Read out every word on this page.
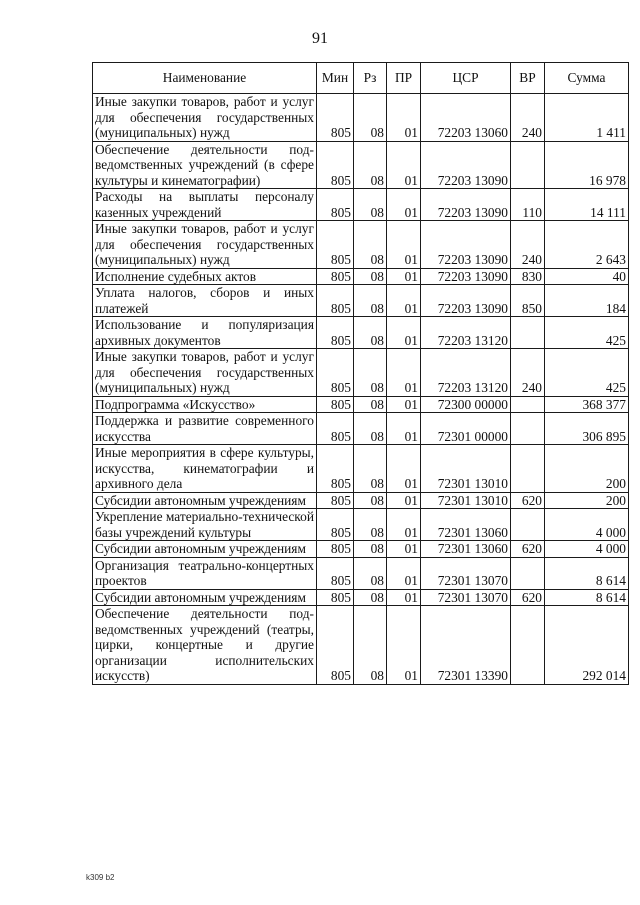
91
Наименование	Мин	Рз	ПР	ЦСР	ВР	Сумма
Иные закупки товаров, работ и услуг для обеспечения государственных (муниципальных) нужд	805	08	01	72203 13060	240	1 411
Обеспечение деятельности подведомственных учреждений (в сфере культуры и кинематографии)	805	08	01	72203 13090		16 978
Расходы на выплаты персоналу казенных учреждений	805	08	01	72203 13090	110	14 111
Иные закупки товаров, работ и услуг для обеспечения государственных (муниципальных) нужд	805	08	01	72203 13090	240	2 643
Исполнение судебных актов	805	08	01	72203 13090	830	40
Уплата налогов, сборов и иных платежей	805	08	01	72203 13090	850	184
Использование и популяризация архивных документов	805	08	01	72203 13120		425
Иные закупки товаров, работ и услуг для обеспечения государственных (муниципальных) нужд	805	08	01	72203 13120	240	425
Подпрограмма «Искусство»	805	08	01	72300 00000		368 377
Поддержка и развитие современного искусства	805	08	01	72301 00000		306 895
Иные мероприятия в сфере культуры, искусства, кинематографии и архивного дела	805	08	01	72301 13010		200
Субсидии автономным учреждениям	805	08	01	72301 13010	620	200
Укрепление материально-технической базы учреждений культуры	805	08	01	72301 13060		4 000
Субсидии автономным учреждениям	805	08	01	72301 13060	620	4 000
Организация театрально-концертных проектов	805	08	01	72301 13070		8 614
Субсидии автономным учреждениям	805	08	01	72301 13070	620	8 614
Обеспечение деятельности подведомственных учреждений (театры, цирки, концертные и другие организации исполнительских искусств)	805	08	01	72301 13390		292 014
k309 b2
